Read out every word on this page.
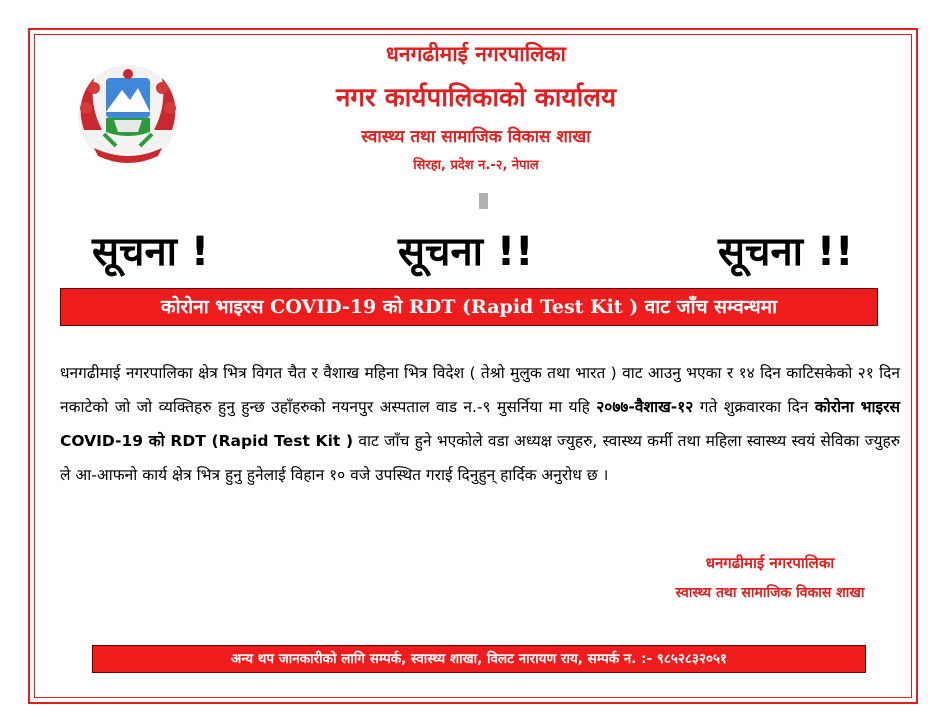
धनगढीमाई नगरपालिका
नगर कार्यपालिकाको कार्यालय
स्वास्थ्य तथा सामाजिक विकास शाखा
सिरहा, प्रदेश न.-२, नेपाल
सूचना !	सूचना !!	सूचना !!
कोरोना भाइरस COVID-19 को RDT (Rapid Test Kit ) वाट जाँच सम्वन्धमा
धनगढीमाई नगरपालिका क्षेत्र भित्र विगत चैत र वैशाख महिना भित्र विदेश ( तेश्रो मुलुक तथा भारत ) वाट आउनु भएका र १४ दिन काटिसकेको २१ दिन नकाटेको जो जो व्यक्तिहरु हुनु हुन्छ उहाँहरुको नयनपुर अस्पताल वाड न.-९ मुसर्निया मा यहि २०७७-वैशाख-१२ गते शुक्रवारका दिन कोरोना भाइरस COVID-19 को RDT (Rapid Test Kit ) वाट जाँच हुने भएकोले वडा अध्यक्ष ज्युहरु, स्वास्थ्य कर्मी तथा महिला स्वास्थ्य स्वयं सेविका ज्युहरु ले आ-आफनो कार्य क्षेत्र भित्र हुनु हुनेलाई विहान १० वजे उपस्थित गराई दिनुहुन् हार्दिक अनुरोध छ ।
धनगढीमाई नगरपालिका
स्वास्थ्य तथा सामाजिक विकास शाखा
अन्य थप जानकारीको लागि सम्पर्क, स्वास्थ्य शाखा, विलट नारायण राय, सम्पर्क न. :- ९८५२८३२०५१
